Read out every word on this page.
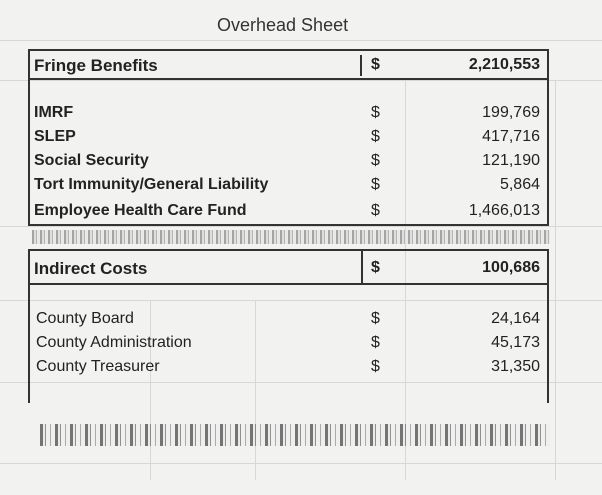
Overhead Sheet
Fringe Benefits	$	2,210,553
IMRF	$	199,769
SLEP	$	417,716
Social Security	$	121,190
Tort Immunity/General Liability	$	5,864
Employee Health Care Fund	$	1,466,013
Indirect Costs	$	100,686
County Board	$	24,164
County Administration	$	45,173
County Treasurer	$	31,350
